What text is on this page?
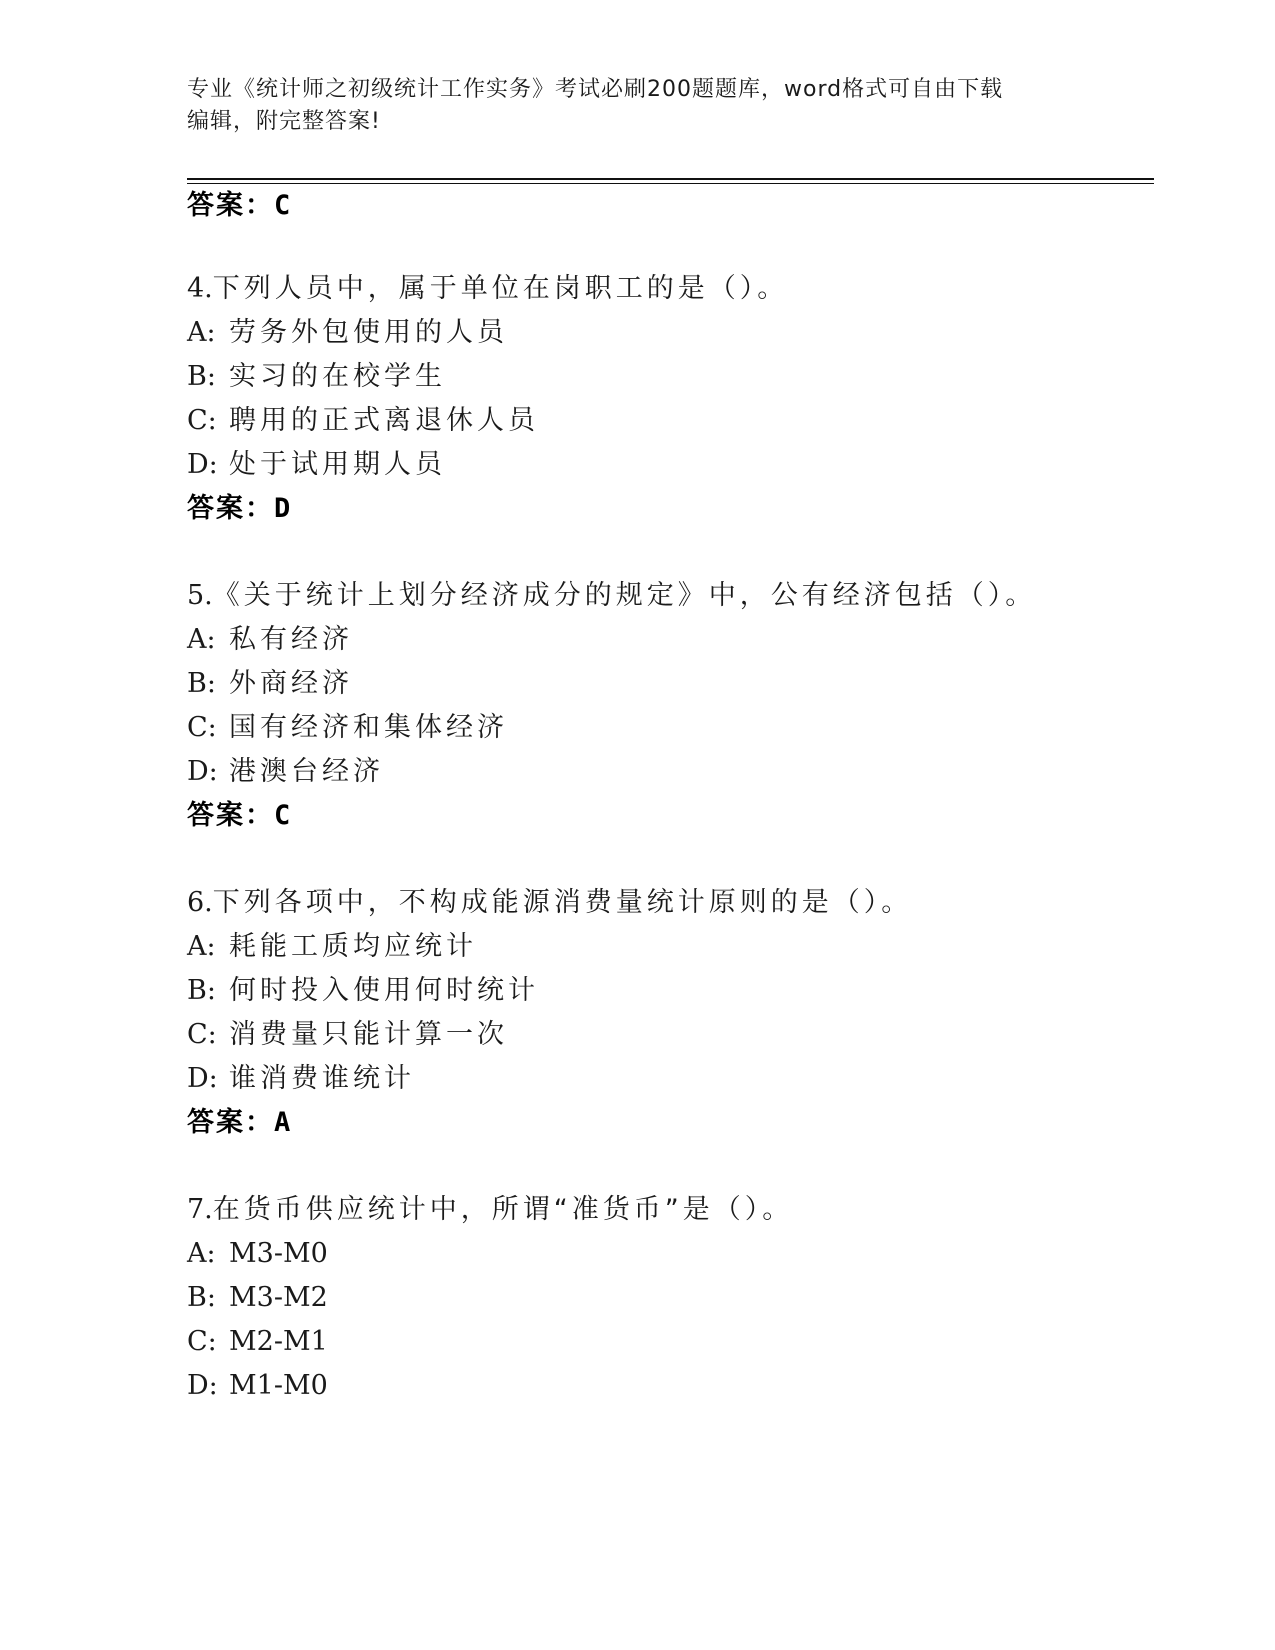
专业《统计师之初级统计工作实务》考试必刷200题题库，word格式可自由下载
编辑，附完整答案!
答案：C
4.下列人员中，属于单位在岗职工的是（）。
A: 劳务外包使用的人员
B: 实习的在校学生
C: 聘用的正式离退休人员
D: 处于试用期人员
答案：D
5.《关于统计上划分经济成分的规定》中，公有经济包括（）。
A: 私有经济
B: 外商经济
C: 国有经济和集体经济
D: 港澳台经济
答案：C
6.下列各项中，不构成能源消费量统计原则的是（）。
A: 耗能工质均应统计
B: 何时投入使用何时统计
C: 消费量只能计算一次
D: 谁消费谁统计
答案：A
7.在货币供应统计中，所谓“准货币”是（）。
A: M3-M0
B: M3-M2
C: M2-M1
D: M1-M0
